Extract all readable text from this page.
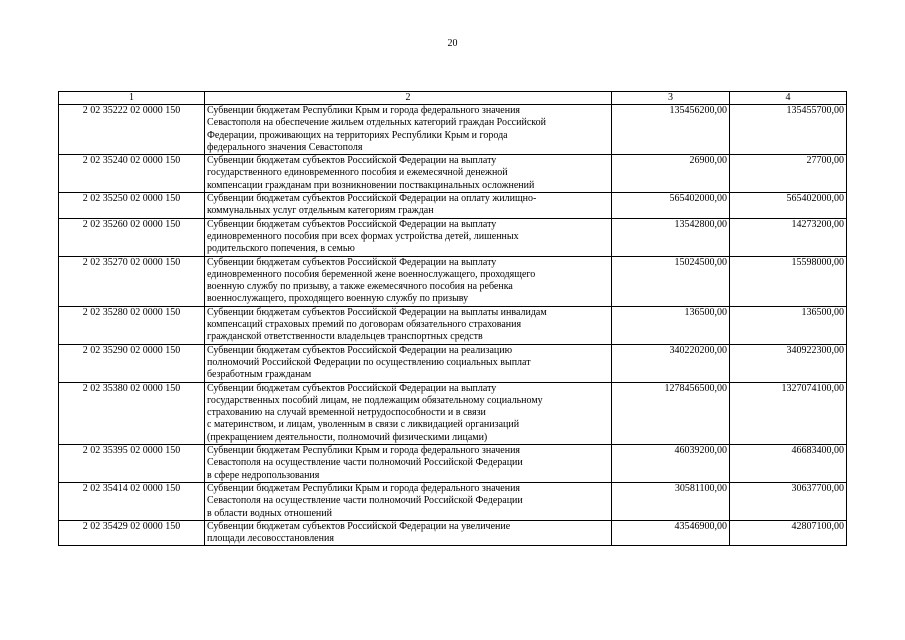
20
1	2	3	4
2 02 35222 02 0000 150	Субвенции бюджетам Республики Крым и города федерального значения
Севастополя на обеспечение жильем отдельных категорий граждан Российской
Федерации, проживающих на территориях Республики Крым и города
федерального значения Севастополя	135456200,00	135455700,00
2 02 35240 02 0000 150	Субвенции бюджетам субъектов Российской Федерации на выплату
государственного единовременного пособия и ежемесячной денежной
компенсации гражданам при возникновении поствакцинальных осложнений	26900,00	27700,00
2 02 35250 02 0000 150	Субвенции бюджетам субъектов Российской Федерации на оплату жилищно-
коммунальных услуг отдельным категориям граждан	565402000,00	565402000,00
2 02 35260 02 0000 150	Субвенции бюджетам субъектов Российской Федерации на выплату
единовременного пособия при всех формах устройства детей, лишенных
родительского попечения, в семью	13542800,00	14273200,00
2 02 35270 02 0000 150	Субвенции бюджетам субъектов Российской Федерации на выплату
единовременного пособия беременной жене военнослужащего, проходящего
военную службу по призыву, а также ежемесячного пособия на ребенка
военнослужащего, проходящего военную службу по призыву	15024500,00	15598000,00
2 02 35280 02 0000 150	Субвенции бюджетам субъектов Российской Федерации на выплаты инвалидам
компенсаций страховых премий по договорам обязательного страхования
гражданской ответственности владельцев транспортных средств	136500,00	136500,00
2 02 35290 02 0000 150	Субвенции бюджетам субъектов Российской Федерации на реализацию
полномочий Российской Федерации по осуществлению социальных выплат
безработным гражданам	340220200,00	340922300,00
2 02 35380 02 0000 150	Субвенции бюджетам субъектов Российской Федерации на выплату
государственных пособий лицам, не подлежащим обязательному социальному
страхованию на случай временной нетрудоспособности и в связи
с материнством, и лицам, уволенным в связи с ликвидацией организаций
(прекращением деятельности, полномочий физическими лицами)	1278456500,00	1327074100,00
2 02 35395 02 0000 150	Субвенции бюджетам Республики Крым и города федерального значения
Севастополя на осуществление части полномочий Российской Федерации
в сфере недропользования	46039200,00	46683400,00
2 02 35414 02 0000 150	Субвенции бюджетам Республики Крым и города федерального значения
Севастополя на осуществление части полномочий Российской Федерации
в области водных отношений	30581100,00	30637700,00
2 02 35429 02 0000 150	Субвенции бюджетам субъектов Российской Федерации на увеличение
площади лесовосстановления	43546900,00	42807100,00
